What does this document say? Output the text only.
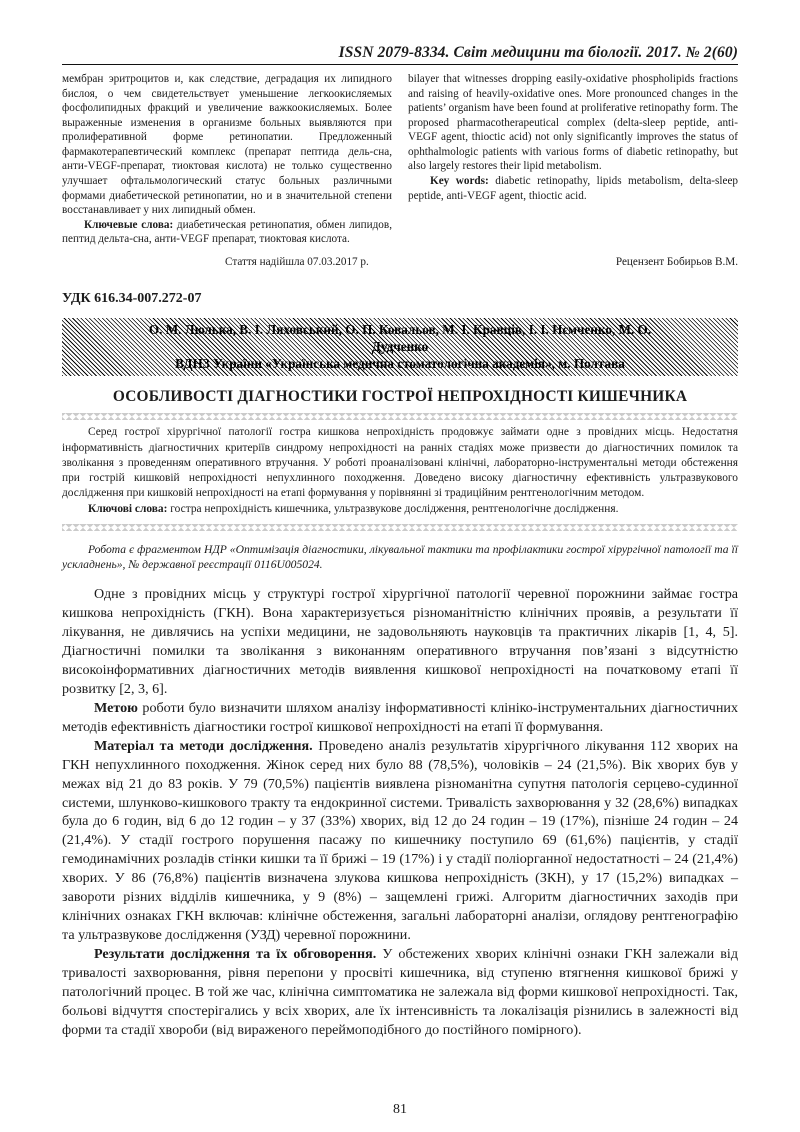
ISSN 2079-8334. Світ медицини та біології. 2017. № 2(60)

мембран эритроцитов и, как следствие, деградация их липидного бислоя, о чем свидетельствует уменьшение легкоокисляемых фосфолипидных фракций и увеличение важкоокисляемых. Более выраженные изменения в организме больных выявляются при пролиферативной форме ретинопатии. Предложенный фармакотерапевтический комплекс (препарат пептида дель-сна, анти-VEGF-препарат, тиоктовая кислота) не только существенно улучшает офтальмологический статус больных различными формами диабетической ретинопатии, но и в значительной степени восстанавливает у них липидный обмен.

Ключевые слова: диабетическая ретинопатия, обмен липидов, пептид дельта-сна, анти-VEGF препарат, тиоктовая кислота.

bilayer that witnesses dropping easily-oxidative phospholipids fractions and raising of heavily-oxidative ones. More pronounced changes in the patients’ organism have been found at proliferative retinopathy form. The proposed pharmacotherapeutical complex (delta-sleep peptide, anti-VEGF agent, thioctic acid) not only significantly improves the status of ophthalmologic patients with various forms of diabetic retinopathy, but also largely restores their lipid metabolism.

Key words: diabetic retinopathy, lipids metabolism, delta-sleep peptide, anti-VEGF agent, thioctic acid.

Стаття надійшла 07.03.2017 р.	Рецензент Бобирьов В.М.
УДК 616.34-007.272-07
О. М. Люлька, В. І. Ляховський, О. П. Ковальов, М. І. Кравців, І. І. Нємченко, М. О.
Дудченко
ВДНЗ України «Українська медична стоматологічна академія», м. Полтава
ОСОБЛИВОСТІ ДІАГНОСТИКИ ГОСТРОЇ НЕПРОХІДНОСТІ КИШЕЧНИКА

Серед гострої хірургічної патології гостра кишкова непрохідність продовжує займати одне з провідних місць. Недостатня інформативність діагностичних критеріїв синдрому непрохідності на ранніх стадіях може призвести до діагностичних помилок та зволікання з проведенням оперативного втручання. У роботі проаналізовані клінічні, лабораторно-інструментальні методи обстеження при гострій кишковій непрохідності непухлинного походження. Доведено високу діагностичну ефективність ультразвукового дослідження при кишковій непрохідності на етапі формування у порівнянні зі традиційним рентгенологічним методом.

Ключові слова: гостра непрохідність кишечника, ультразвукове дослідження, рентгенологічне дослідження.

Робота є фрагментом НДР «Оптимізація діагностики, лікувальної тактики та профілактики гострої хірургічної патології та її ускладнень», № державної реєстрації 0116U005024.

Одне з провідних місць у структурі гострої хірургічної патології черевної порожнини займає гостра кишкова непрохідність (ГКН). Вона характеризується різноманітністю клінічних проявів, а результати її лікування, не дивлячись на успіхи медицини, не задовольняють науковців та практичних лікарів [1, 4, 5]. Діагностичні помилки та зволікання з виконанням оперативного втручання пов’язані з відсутністю високоінформативних діагностичних методів виявлення кишкової непрохідності на початковому етапі її розвитку [2, 3, 6].

Метою роботи було визначити шляхом аналізу інформативності клініко-інструментальних діагностичних методів ефективність діагностики гострої кишкової непрохідності на етапі її формування.

Матеріал та методи дослідження. Проведено аналіз результатів хірургічного лікування 112 хворих на ГКН непухлинного походження. Жінок серед них було 88 (78,5%), чоловіків – 24 (21,5%). Вік хворих був у межах від 21 до 83 років. У 79 (70,5%) пацієнтів виявлена різноманітна супутня патологія серцево-судинної системи, шлунково-кишкового тракту та ендокринної системи. Тривалість захворювання у 32 (28,6%) випадках була до 6 годин, від 6 до 12 годин – у 37 (33%) хворих, від 12 до 24 годин – 19 (17%), пізніше 24 годин – 24 (21,4%). У стадії гострого порушення пасажу по кишечнику поступило 69 (61,6%) пацієнтів, у стадії гемодинамічних розладів стінки кишки та її брижі – 19 (17%) і у стадії поліорганної недостатності – 24 (21,4%) хворих. У 86 (76,8%) пацієнтів визначена злукова кишкова непрохідність (ЗКН), у 17 (15,2%) випадках – завороти різних відділів кишечника, у 9 (8%) – защемлені грижі. Алгоритм діагностичних заходів при клінічних ознаках ГКН включав: клінічне обстеження, загальні лабораторні аналізи, оглядову рентгенографію та ультразвукове дослідження (УЗД) черевної порожнини.

Результати дослідження та їх обговорення. У обстежених хворих клінічні ознаки ГКН залежали від тривалості захворювання, рівня перепони у просвіті кишечника, від ступеню втягнення кишкової брижі у патологічний процес. В той же час, клінічна симптоматика не залежала від форми кишкової непрохідності. Так, больові відчуття спостерігались у всіх хворих, але їх інтенсивність та локалізація різнились в залежності від форми та стадії хвороби (від вираженого переймоподібного до постійного помірного).

81
